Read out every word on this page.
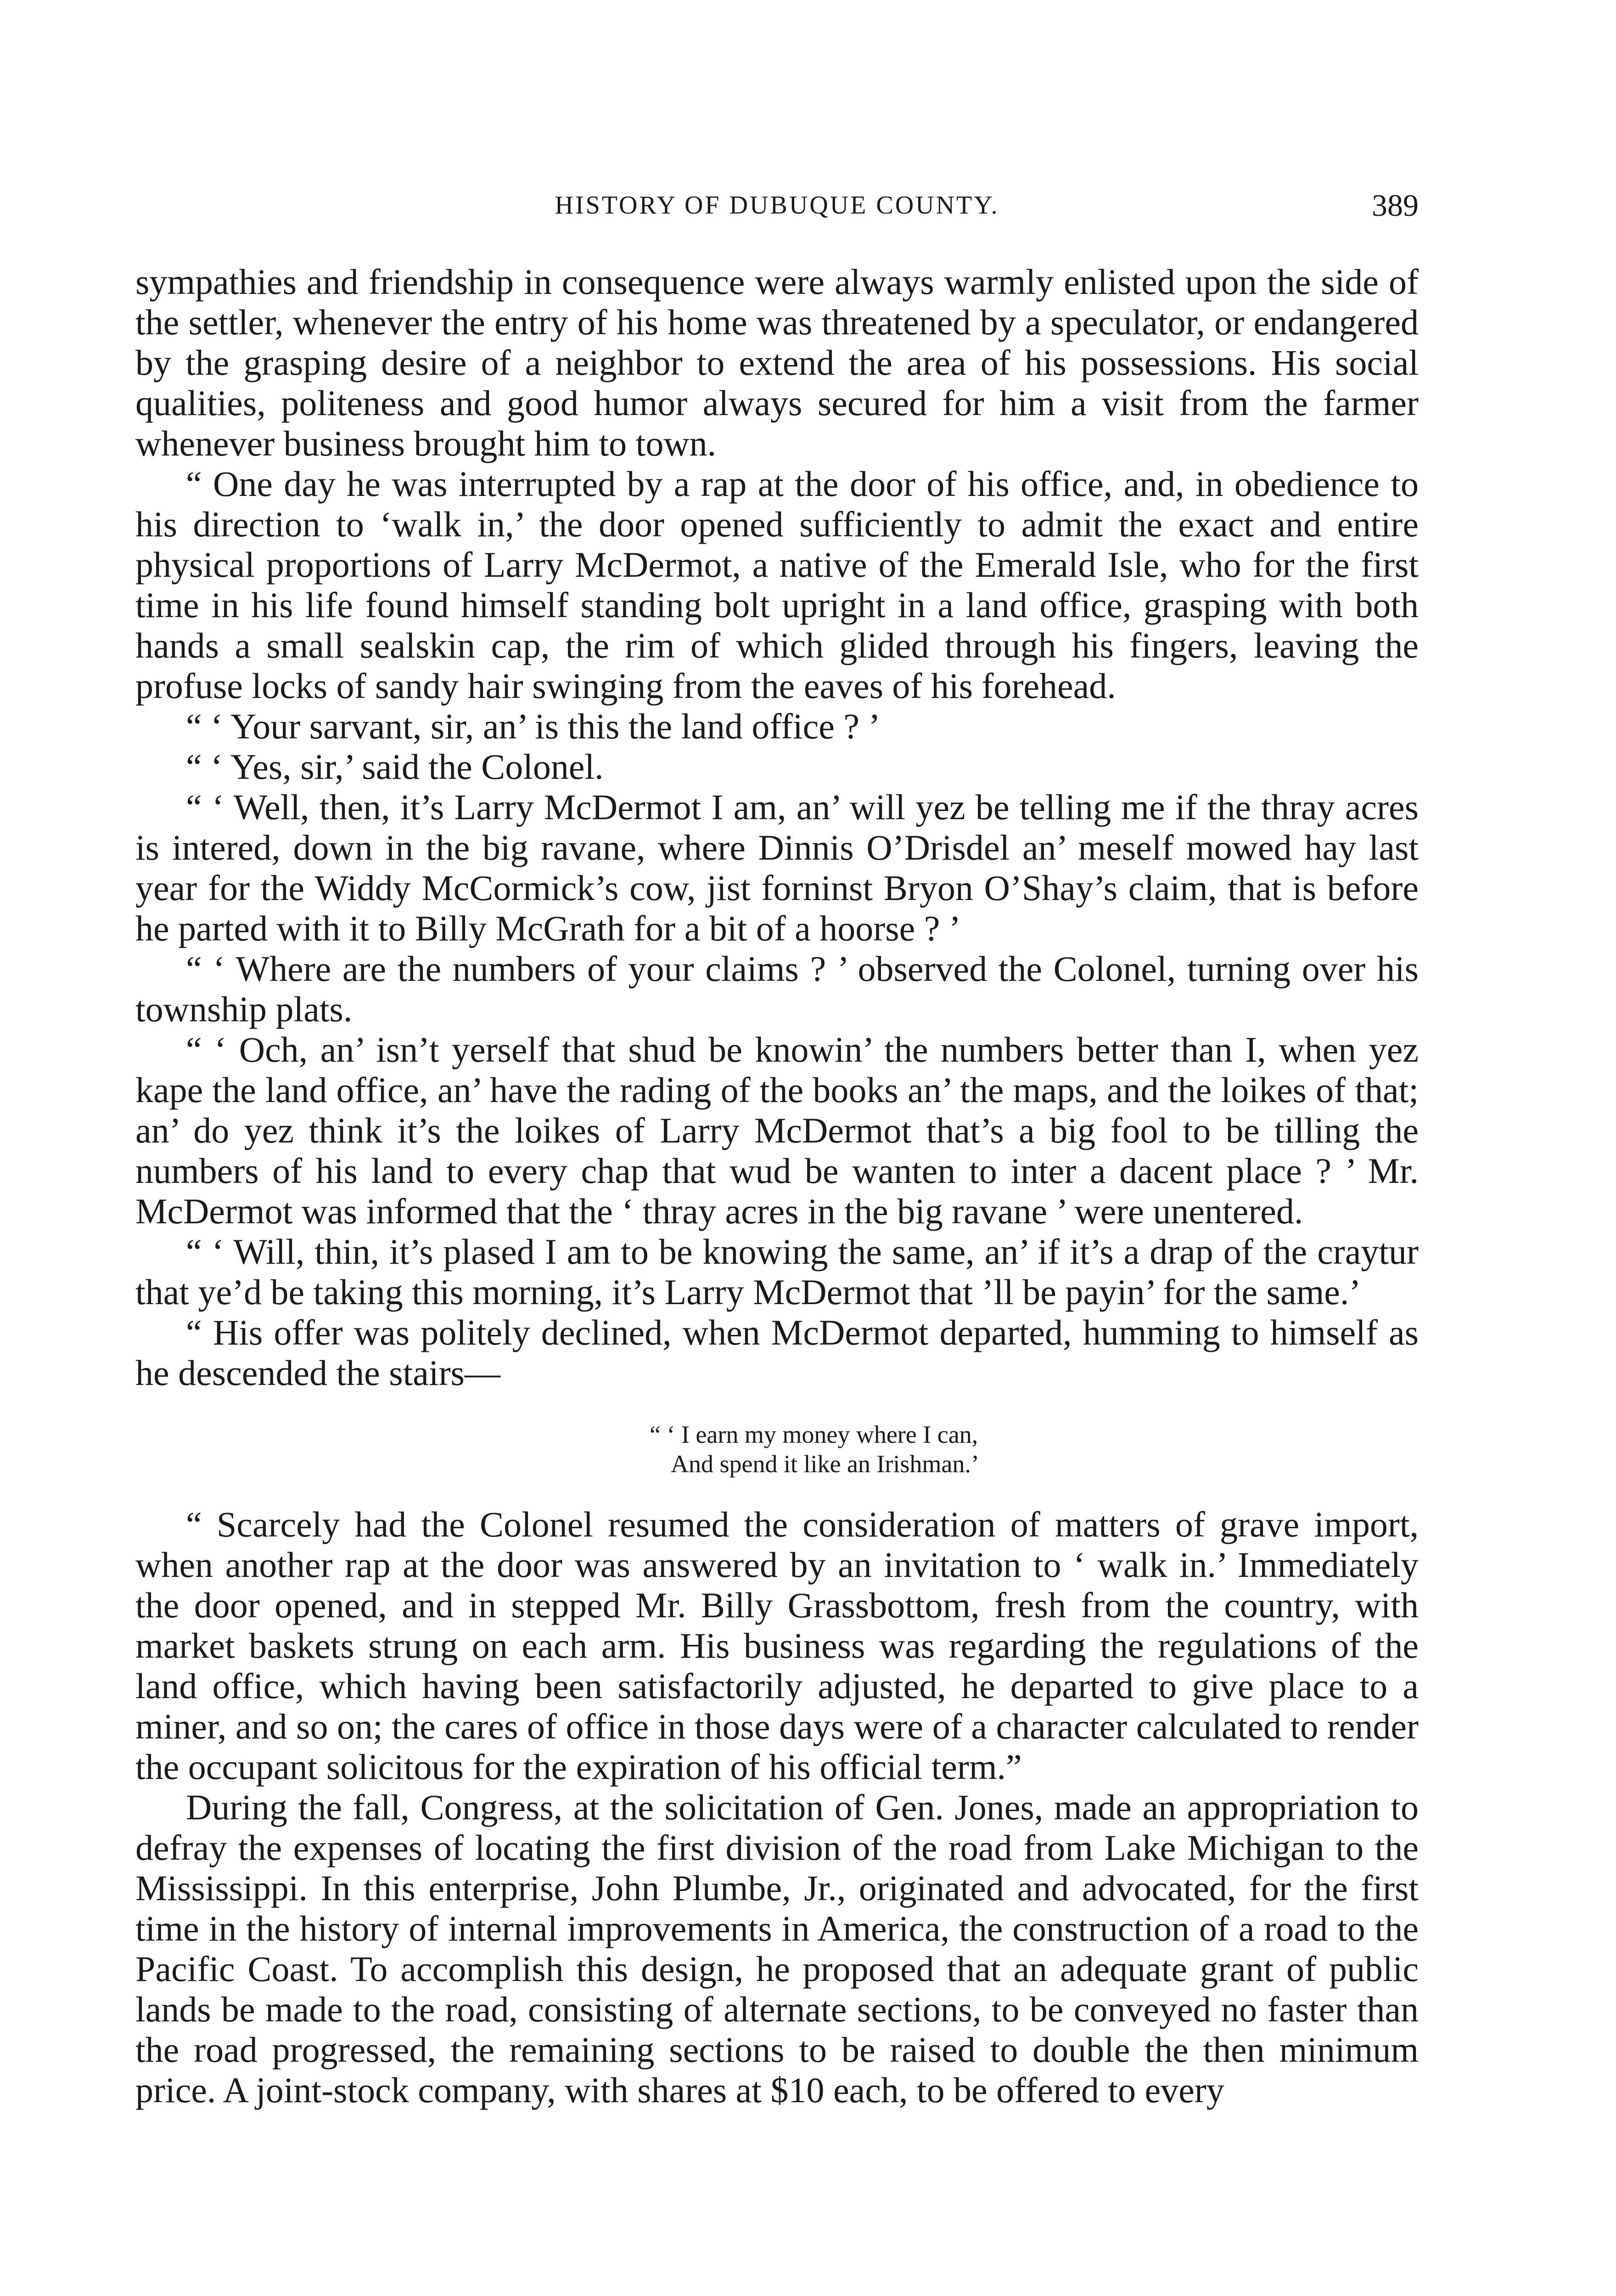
HISTORY OF DUBUQUE COUNTY.	389

sympathies and friendship in consequence were always warmly enlisted upon the side of the settler, whenever the entry of his home was threatened by a speculator, or endangered by the grasping desire of a neighbor to extend the area of his possessions. His social qualities, politeness and good humor always secured for him a visit from the farmer whenever business brought him to town.

“ One day he was interrupted by a rap at the door of his office, and, in obedience to his direction to ‘walk in,’ the door opened sufficiently to admit the exact and entire physical proportions of Larry McDermot, a native of the Emerald Isle, who for the first time in his life found himself standing bolt upright in a land office, grasping with both hands a small sealskin cap, the rim of which glided through his fingers, leaving the profuse locks of sandy hair swinging from the eaves of his forehead.

“ ‘ Your sarvant, sir, an’ is this the land office ? ’

“ ‘ Yes, sir,’ said the Colonel.

“ ‘ Well, then, it’s Larry McDermot I am, an’ will yez be telling me if the thray acres is intered, down in the big ravane, where Dinnis O’Drisdel an’ meself mowed hay last year for the Widdy McCormick’s cow, jist forninst Bryon O’Shay’s claim, that is before he parted with it to Billy McGrath for a bit of a hoorse ? ’

“ ‘ Where are the numbers of your claims ? ’ observed the Colonel, turning over his township plats.

“ ‘ Och, an’ isn’t yerself that shud be knowin’ the numbers better than I, when yez kape the land office, an’ have the rading of the books an’ the maps, and the loikes of that; an’ do yez think it’s the loikes of Larry McDermot that’s a big fool to be tilling the numbers of his land to every chap that wud be wanten to inter a dacent place ? ’ Mr. McDermot was informed that the ‘ thray acres in the big ravane ’ were unentered.

“ ‘ Will, thin, it’s plased I am to be knowing the same, an’ if it’s a drap of the craytur that ye’d be taking this morning, it’s Larry McDermot that ’ll be payin’ for the same.’

“ His offer was politely declined, when McDermot departed, humming to himself as he descended the stairs—

“ ‘ I earn my money where I can,
And spend it like an Irishman.’

“ Scarcely had the Colonel resumed the consideration of matters of grave import, when another rap at the door was answered by an invitation to ‘ walk in.’ Immediately the door opened, and in stepped Mr. Billy Grassbottom, fresh from the country, with market baskets strung on each arm. His business was regarding the regulations of the land office, which having been satisfactorily adjusted, he departed to give place to a miner, and so on; the cares of office in those days were of a character calculated to render the occupant solicitous for the expiration of his official term.”

During the fall, Congress, at the solicitation of Gen. Jones, made an appropriation to defray the expenses of locating the first division of the road from Lake Michigan to the Mississippi. In this enterprise, John Plumbe, Jr., originated and advocated, for the first time in the history of internal improvements in America, the construction of a road to the Pacific Coast. To accomplish this design, he proposed that an adequate grant of public lands be made to the road, consisting of alternate sections, to be conveyed no faster than the road progressed, the remaining sections to be raised to double the then minimum price. A joint-stock company, with shares at $10 each, to be offered to every
